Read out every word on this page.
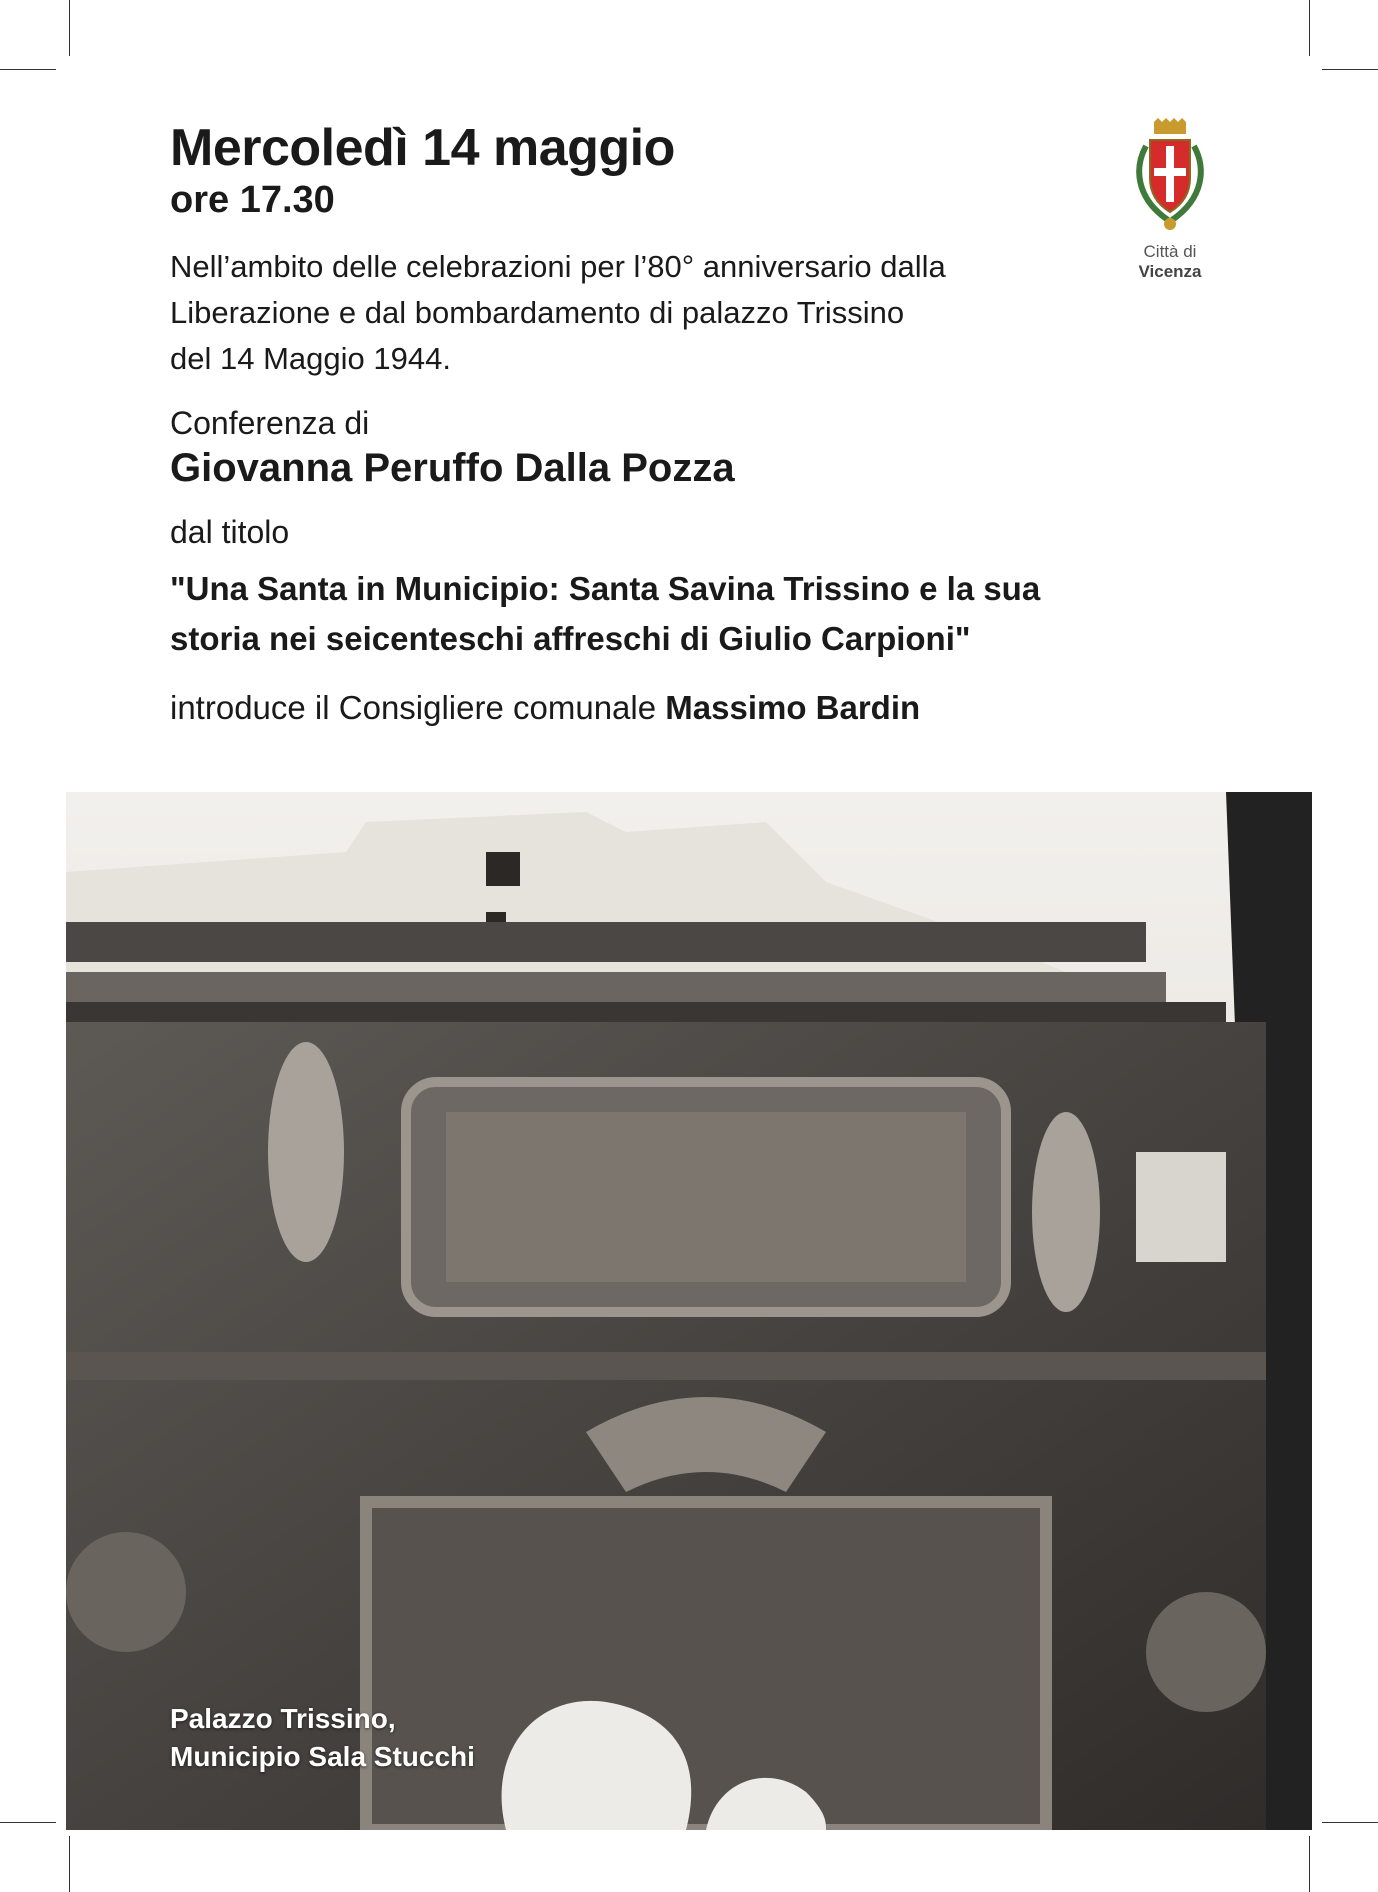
Mercoledì 14 maggio

ore 17.30

Nell’ambito delle celebrazioni per l’80° anniversario dalla
Liberazione e dal bombardamento di palazzo Trissino
del 14 Maggio 1944.

Conferenza di

Giovanna Peruffo Dalla Pozza

dal titolo

"Una Santa in Municipio: Santa Savina Trissino e la sua
storia nei seicenteschi affreschi di Giulio Carpioni"

introduce il Consigliere comunale Massimo Bardin

Città di
Vicenza
Palazzo Trissino,
Municipio Sala Stucchi
